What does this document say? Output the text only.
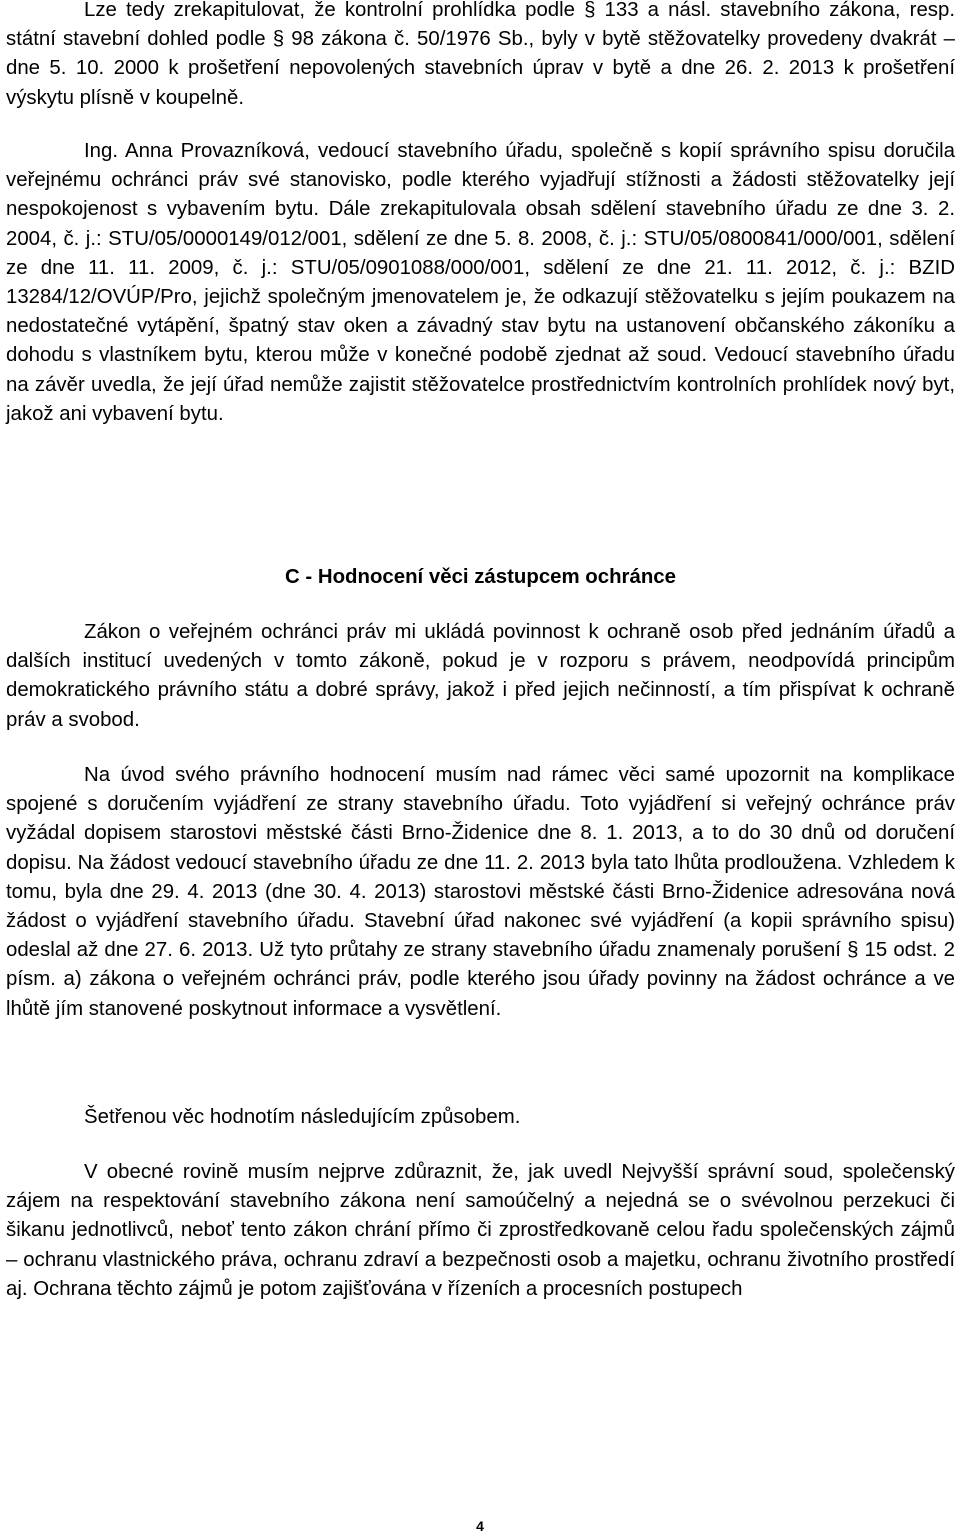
Lze tedy zrekapitulovat, že kontrolní prohlídka podle § 133 a násl. stavebního zákona, resp. státní stavební dohled podle § 98 zákona č. 50/1976 Sb., byly v bytě stěžovatelky provedeny dvakrát – dne 5. 10. 2000 k prošetření nepovolených stavebních úprav v bytě a dne 26. 2. 2013 k prošetření výskytu plísně v koupelně.

Ing. Anna Provazníková, vedoucí stavebního úřadu, společně s kopií správního spisu doručila veřejnému ochránci práv své stanovisko, podle kterého vyjadřují stížnosti a žádosti stěžovatelky její nespokojenost s vybavením bytu. Dále zrekapitulovala obsah sdělení stavebního úřadu ze dne 3. 2. 2004, č. j.: STU/05/0000149/012/001, sdělení ze dne 5. 8. 2008, č. j.: STU/05/0800841/000/001, sdělení ze dne 11. 11. 2009, č. j.: STU/05/0901088/000/001, sdělení ze dne 21. 11. 2012, č. j.: BZID 13284/12/OVÚP/Pro, jejichž společným jmenovatelem je, že odkazují stěžovatelku s jejím poukazem na nedostatečné vytápění, špatný stav oken a závadný stav bytu na ustanovení občanského zákoníku a dohodu s vlastníkem bytu, kterou může v konečné podobě zjednat až soud. Vedoucí stavebního úřadu na závěr uvedla, že její úřad nemůže zajistit stěžovatelce prostřednictvím kontrolních prohlídek nový byt, jakož ani vybavení bytu.

C - Hodnocení věci zástupcem ochránce

Zákon o veřejném ochránci práv mi ukládá povinnost k ochraně osob před jednáním úřadů a dalších institucí uvedených v tomto zákoně, pokud je v rozporu s právem, neodpovídá principům demokratického právního státu a dobré správy, jakož i před jejich nečinností, a tím přispívat k ochraně práv a svobod.

Na úvod svého právního hodnocení musím nad rámec věci samé upozornit na komplikace spojené s doručením vyjádření ze strany stavebního úřadu. Toto vyjádření si veřejný ochránce práv vyžádal dopisem starostovi městské části Brno-Židenice dne 8. 1. 2013, a to do 30 dnů od doručení dopisu. Na žádost vedoucí stavebního úřadu ze dne 11. 2. 2013 byla tato lhůta prodloužena. Vzhledem k tomu, byla dne 29. 4. 2013 (dne 30. 4. 2013) starostovi městské části Brno-Židenice adresována nová žádost o vyjádření stavebního úřadu. Stavební úřad nakonec své vyjádření (a kopii správního spisu) odeslal až dne 27. 6. 2013. Už tyto průtahy ze strany stavebního úřadu znamenaly porušení § 15 odst. 2 písm. a) zákona o veřejném ochránci práv, podle kterého jsou úřady povinny na žádost ochránce a ve lhůtě jím stanovené poskytnout informace a vysvětlení.

Šetřenou věc hodnotím následujícím způsobem.

V obecné rovině musím nejprve zdůraznit, že, jak uvedl Nejvyšší správní soud, společenský zájem na respektování stavebního zákona není samoúčelný a nejedná se o svévolnou perzekuci či šikanu jednotlivců, neboť tento zákon chrání přímo či zprostředkovaně celou řadu společenských zájmů – ochranu vlastnického práva, ochranu zdraví a bezpečnosti osob a majetku, ochranu životního prostředí aj. Ochrana těchto zájmů je potom zajišťována v řízeních a procesních postupech

4
